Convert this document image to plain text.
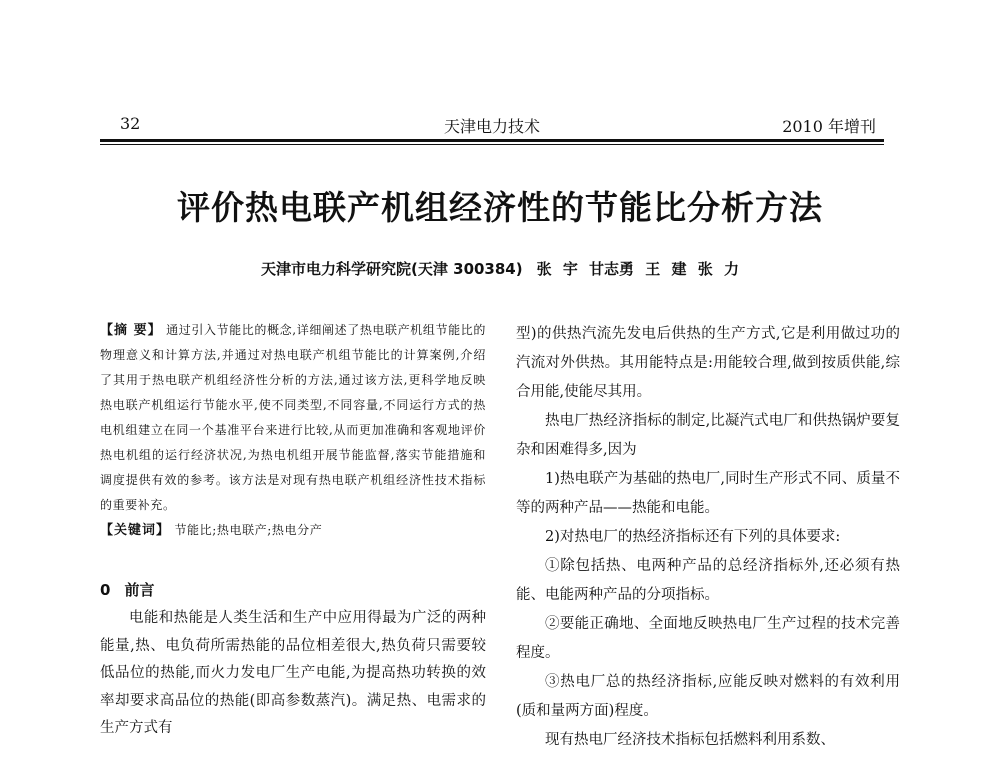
32	天津电力技术	2010 年增刊
评价热电联产机组经济性的节能比分析方法
天津市电力科学研究院(天津 300384) 张 宇 甘志勇 王 建 张 力

【摘 要】 通过引入节能比的概念,详细阐述了热电联产机组节能比的物理意义和计算方法,并通过对热电联产机组节能比的计算案例,介绍了其用于热电联产机组经济性分析的方法,通过该方法,更科学地反映热电联产机组运行节能水平,使不同类型,不同容量,不同运行方式的热电机组建立在同一个基准平台来进行比较,从而更加准确和客观地评价热电机组的运行经济状况,为热电机组开展节能监督,落实节能措施和调度提供有效的参考。该方法是对现有热电联产机组经济性技术指标的重要补充。

【关键词】 节能比;热电联产;热电分产

0 前言

电能和热能是人类生活和生产中应用得最为广泛的两种能量,热、电负荷所需热能的品位相差很大,热负荷只需要较低品位的热能,而火力发电厂生产电能,为提高热功转换的效率却要求高品位的热能(即高参数蒸汽)。满足热、电需求的生产方式有

型)的供热汽流先发电后供热的生产方式,它是利用做过功的汽流对外供热。其用能特点是:用能较合理,做到按质供能,综合用能,使能尽其用。

热电厂热经济指标的制定,比凝汽式电厂和供热锅炉要复杂和困难得多,因为

1)热电联产为基础的热电厂,同时生产形式不同、质量不等的两种产品——热能和电能。

2)对热电厂的热经济指标还有下列的具体要求:

①除包括热、电两种产品的总经济指标外,还必须有热能、电能两种产品的分项指标。

②要能正确地、全面地反映热电厂生产过程的技术完善程度。

③热电厂总的热经济指标,应能反映对燃料的有效利用(质和量两方面)程度。

现有热电厂经济技术指标包括燃料利用系数、
